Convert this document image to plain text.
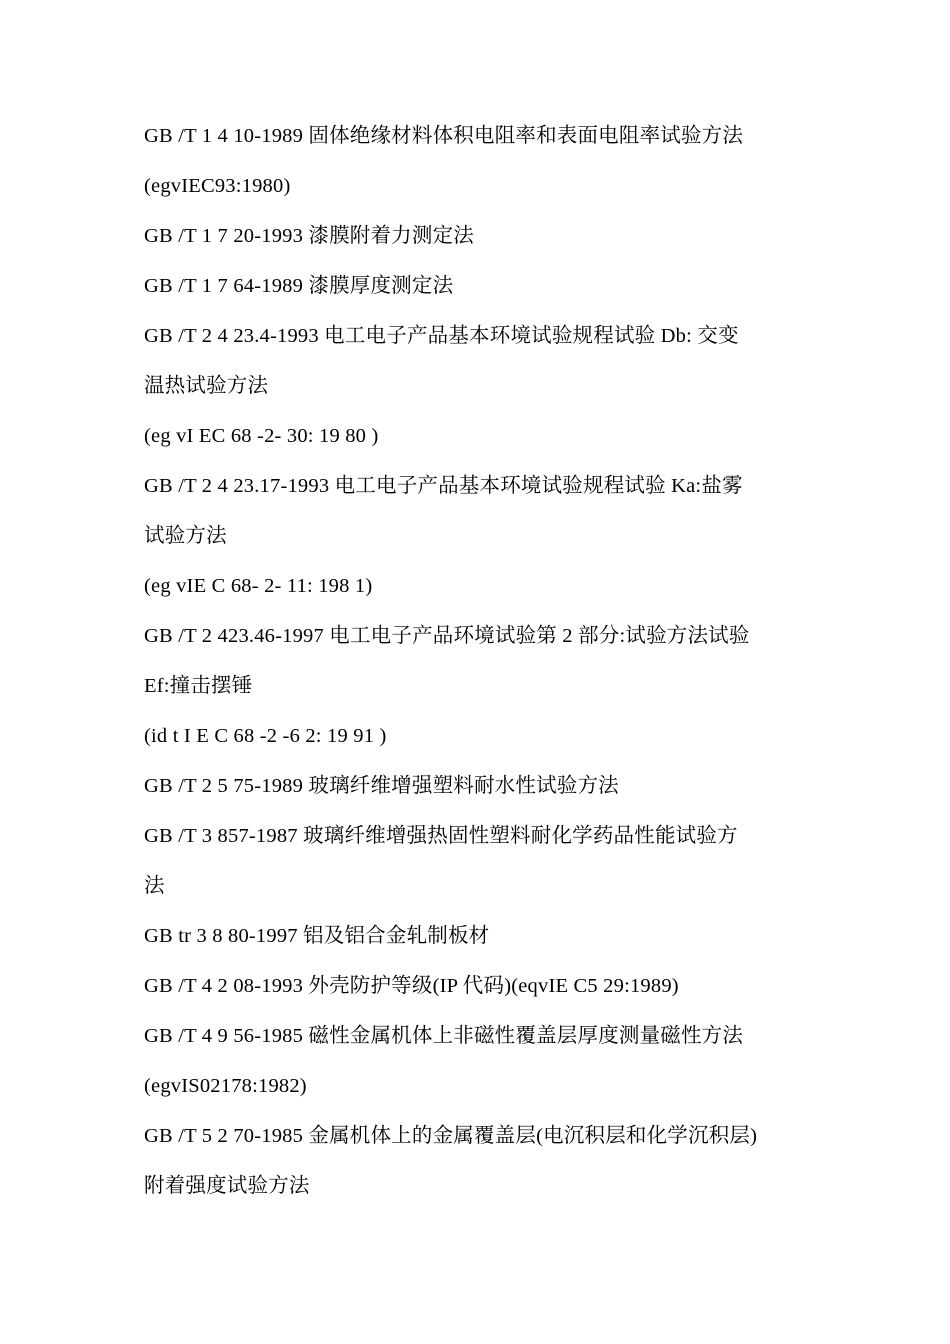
GB /T 1 4 10-1989 固体绝缘材料体积电阻率和表面电阻率试验方法
(egvIEC93:1980)
GB /T 1 7 20-1993 漆膜附着力测定法
GB /T 1 7 64-1989 漆膜厚度测定法
GB /T 2 4 23.4-1993 电工电子产品基本环境试验规程试验 Db: 交变
温热试验方法
(eg vI EC 68 -2- 30: 19 80 )
GB /T 2 4 23.17-1993 电工电子产品基本环境试验规程试验 Ka:盐雾
试验方法
(eg vIE C 68- 2- 11: 198 1)
GB /T 2 423.46-1997 电工电子产品环境试验第 2 部分:试验方法试验
Ef:撞击摆锤
(id t I E C 68 -2 -6 2: 19 91 )
GB /T 2 5 75-1989 玻璃纤维增强塑料耐水性试验方法
GB /T 3 857-1987 玻璃纤维增强热固性塑料耐化学药品性能试验方
法
GB tr 3 8 80-1997 铝及铝合金轧制板材
GB /T 4 2 08-1993 外壳防护等级(IP 代码)(eqvIE C5 29:1989)
GB /T 4 9 56-1985 磁性金属机体上非磁性覆盖层厚度测量磁性方法
(egvIS02178:1982)
GB /T 5 2 70-1985 金属机体上的金属覆盖层(电沉积层和化学沉积层)
附着强度试验方法
